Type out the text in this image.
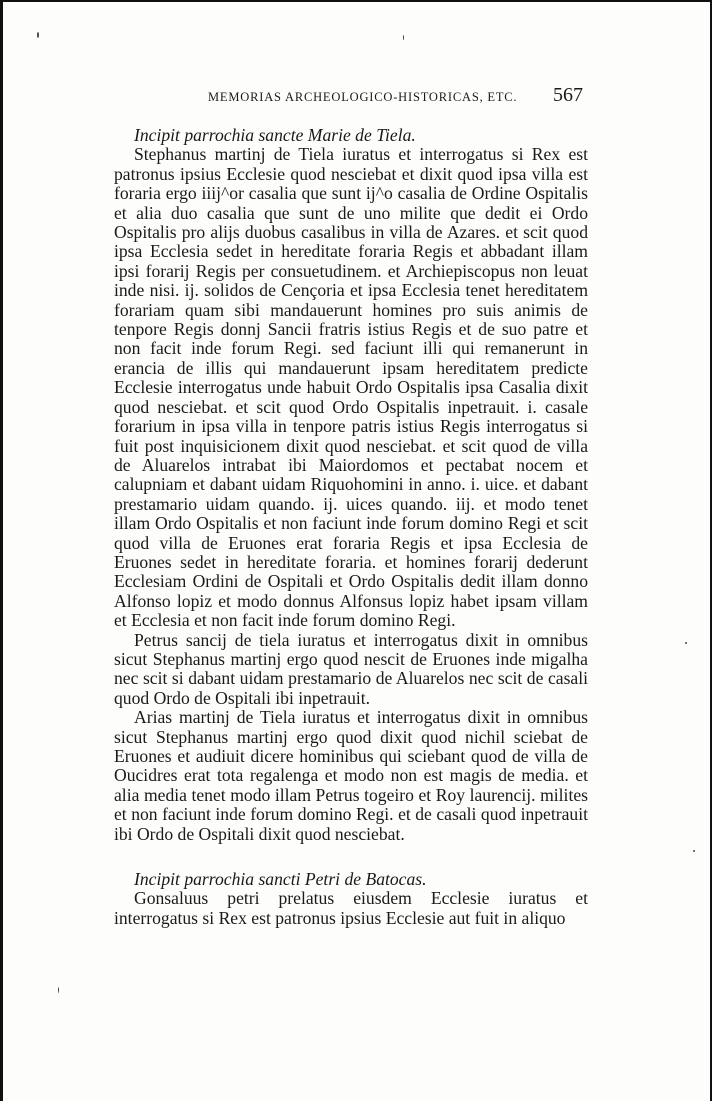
MEMORIAS ARCHEOLOGICO-HISTORICAS, ETC. 567

Incipit parrochia sancte Marie de Tiela.

Stephanus martinj de Tiela iuratus et interrogatus si Rex est patronus ipsius Ecclesie quod nesciebat et dixit quod ipsa villa est foraria ergo iiij^or casalia que sunt ij^o casalia de Ordine Ospitalis et alia duo casalia que sunt de uno milite que dedit ei Ordo Ospitalis pro alijs duobus casalibus in villa de Azares. et scit quod ipsa Ecclesia sedet in hereditate foraria Regis et abbadant illam ipsi forarij Regis per consuetudinem. et Archiepiscopus non leuat inde nisi. ij. solidos de Cençoria et ipsa Ecclesia tenet hereditatem forariam quam sibi mandauerunt homines pro suis animis de tenpore Regis donnj Sancii fratris istius Regis et de suo patre et non facit inde forum Regi. sed faciunt illi qui remanerunt in erancia de illis qui mandauerunt ipsam hereditatem predicte Ecclesie interrogatus unde habuit Ordo Ospitalis ipsa Casalia dixit quod nesciebat. et scit quod Ordo Ospitalis inpetrauit. i. casale forarium in ipsa villa in tenpore patris istius Regis interrogatus si fuit post inquisicionem dixit quod nesciebat. et scit quod de villa de Aluarelos intrabat ibi Maiordomos et pectabat nocem et calupniam et dabant uidam Riquohomini in anno. i. uice. et dabant prestamario uidam quando. ij. uices quando. iij. et modo tenet illam Ordo Ospitalis et non faciunt inde forum domino Regi et scit quod villa de Eruones erat foraria Regis et ipsa Ecclesia de Eruones sedet in hereditate foraria. et homines forarij dederunt Ecclesiam Ordini de Ospitali et Ordo Ospitalis dedit illam donno Alfonso lopiz et modo donnus Alfonsus lopiz habet ipsam villam et Ecclesia et non facit inde forum domino Regi.

Petrus sancij de tiela iuratus et interrogatus dixit in omnibus sicut Stephanus martinj ergo quod nescit de Eruones inde migalha nec scit si dabant uidam prestamario de Aluarelos nec scit de casali quod Ordo de Ospitali ibi inpetrauit.

Arias martinj de Tiela iuratus et interrogatus dixit in omnibus sicut Stephanus martinj ergo quod dixit quod nichil sciebat de Eruones et audiuit dicere hominibus qui sciebant quod de villa de Oucidres erat tota regalenga et modo non est magis de media. et alia media tenet modo illam Petrus togeiro et Roy laurencij. milites et non faciunt inde forum domino Regi. et de casali quod inpetrauit ibi Ordo de Ospitali dixit quod nesciebat.

Incipit parrochia sancti Petri de Batocas.

Gonsaluus petri prelatus eiusdem Ecclesie iuratus et interrogatus si Rex est patronus ipsius Ecclesie aut fuit in aliquo
